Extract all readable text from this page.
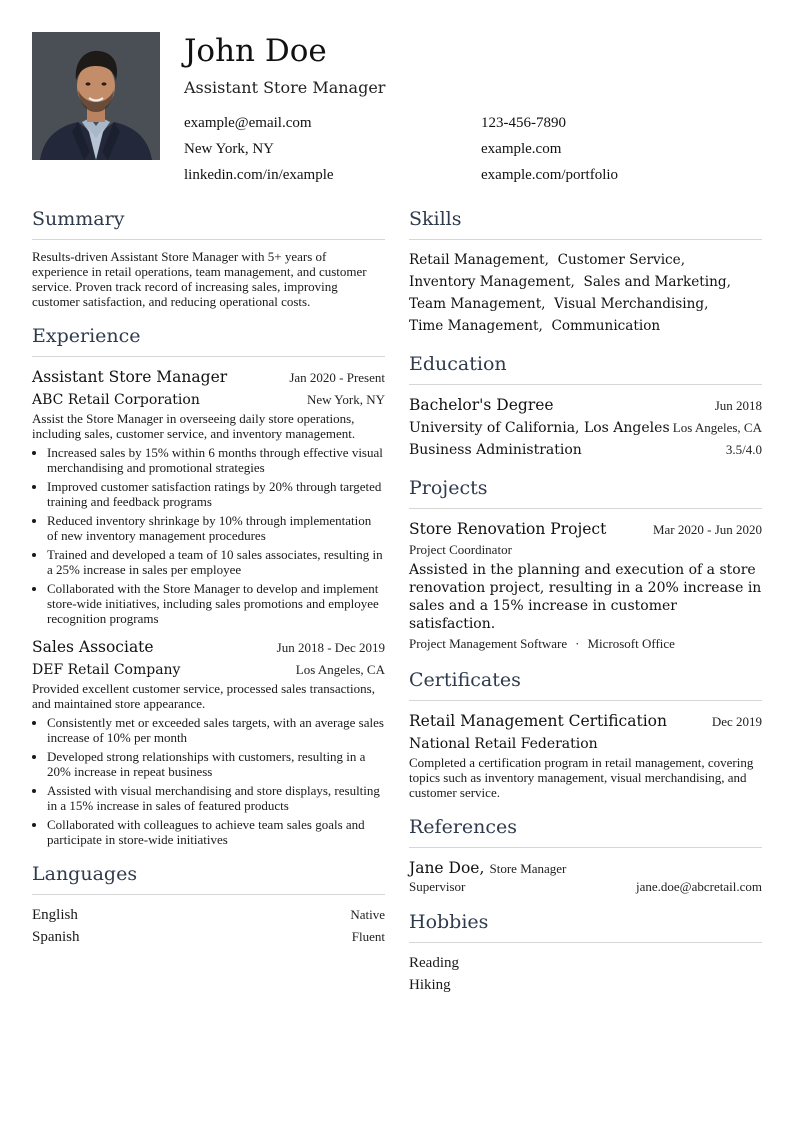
John Doe
Assistant Store Manager
example@email.com	123-456-7890
New York, NY	example.com
linkedin.com/in/example	example.com/portfolio
Summary
Results-driven Assistant Store Manager with 5+ years of experience in retail operations, team management, and customer service. Proven track record of increasing sales, improving customer satisfaction, and reducing operational costs.
Experience
Assistant Store Manager	Jan 2020 - Present
ABC Retail Corporation	New York, NY
Assist the Store Manager in overseeing daily store operations, including sales, customer service, and inventory management.
• Increased sales by 15% within 6 months through effective visual merchandising and promotional strategies
• Improved customer satisfaction ratings by 20% through targeted training and feedback programs
• Reduced inventory shrinkage by 10% through implementation of new inventory management procedures
• Trained and developed a team of 10 sales associates, resulting in a 25% increase in sales per employee
• Collaborated with the Store Manager to develop and implement store-wide initiatives, including sales promotions and employee recognition programs
Sales Associate	Jun 2018 - Dec 2019
DEF Retail Company	Los Angeles, CA
Provided excellent customer service, processed sales transactions, and maintained store appearance.
• Consistently met or exceeded sales targets, with an average sales increase of 10% per month
• Developed strong relationships with customers, resulting in a 20% increase in repeat business
• Assisted with visual merchandising and store displays, resulting in a 15% increase in sales of featured products
• Collaborated with colleagues to achieve team sales goals and participate in store-wide initiatives
Languages
English	Native
Spanish	Fluent
Skills
Retail Management, Customer Service,
Inventory Management, Sales and Marketing,
Team Management, Visual Merchandising,
Time Management, Communication
Education
Bachelor's Degree	Jun 2018
University of California, Los Angeles Los Angeles, CA
Business Administration	3.5/4.0
Projects
Store Renovation Project	Mar 2020 - Jun 2020
Project Coordinator
Assisted in the planning and execution of a store renovation project, resulting in a 20% increase in sales and a 15% increase in customer satisfaction.
Project Management Software · Microsoft Office
Certificates
Retail Management Certification	Dec 2019
National Retail Federation
Completed a certification program in retail management, covering topics such as inventory management, visual merchandising, and customer service.
References
Jane Doe, Store Manager
Supervisor	jane.doe@abcretail.com
Hobbies
Reading
Hiking
